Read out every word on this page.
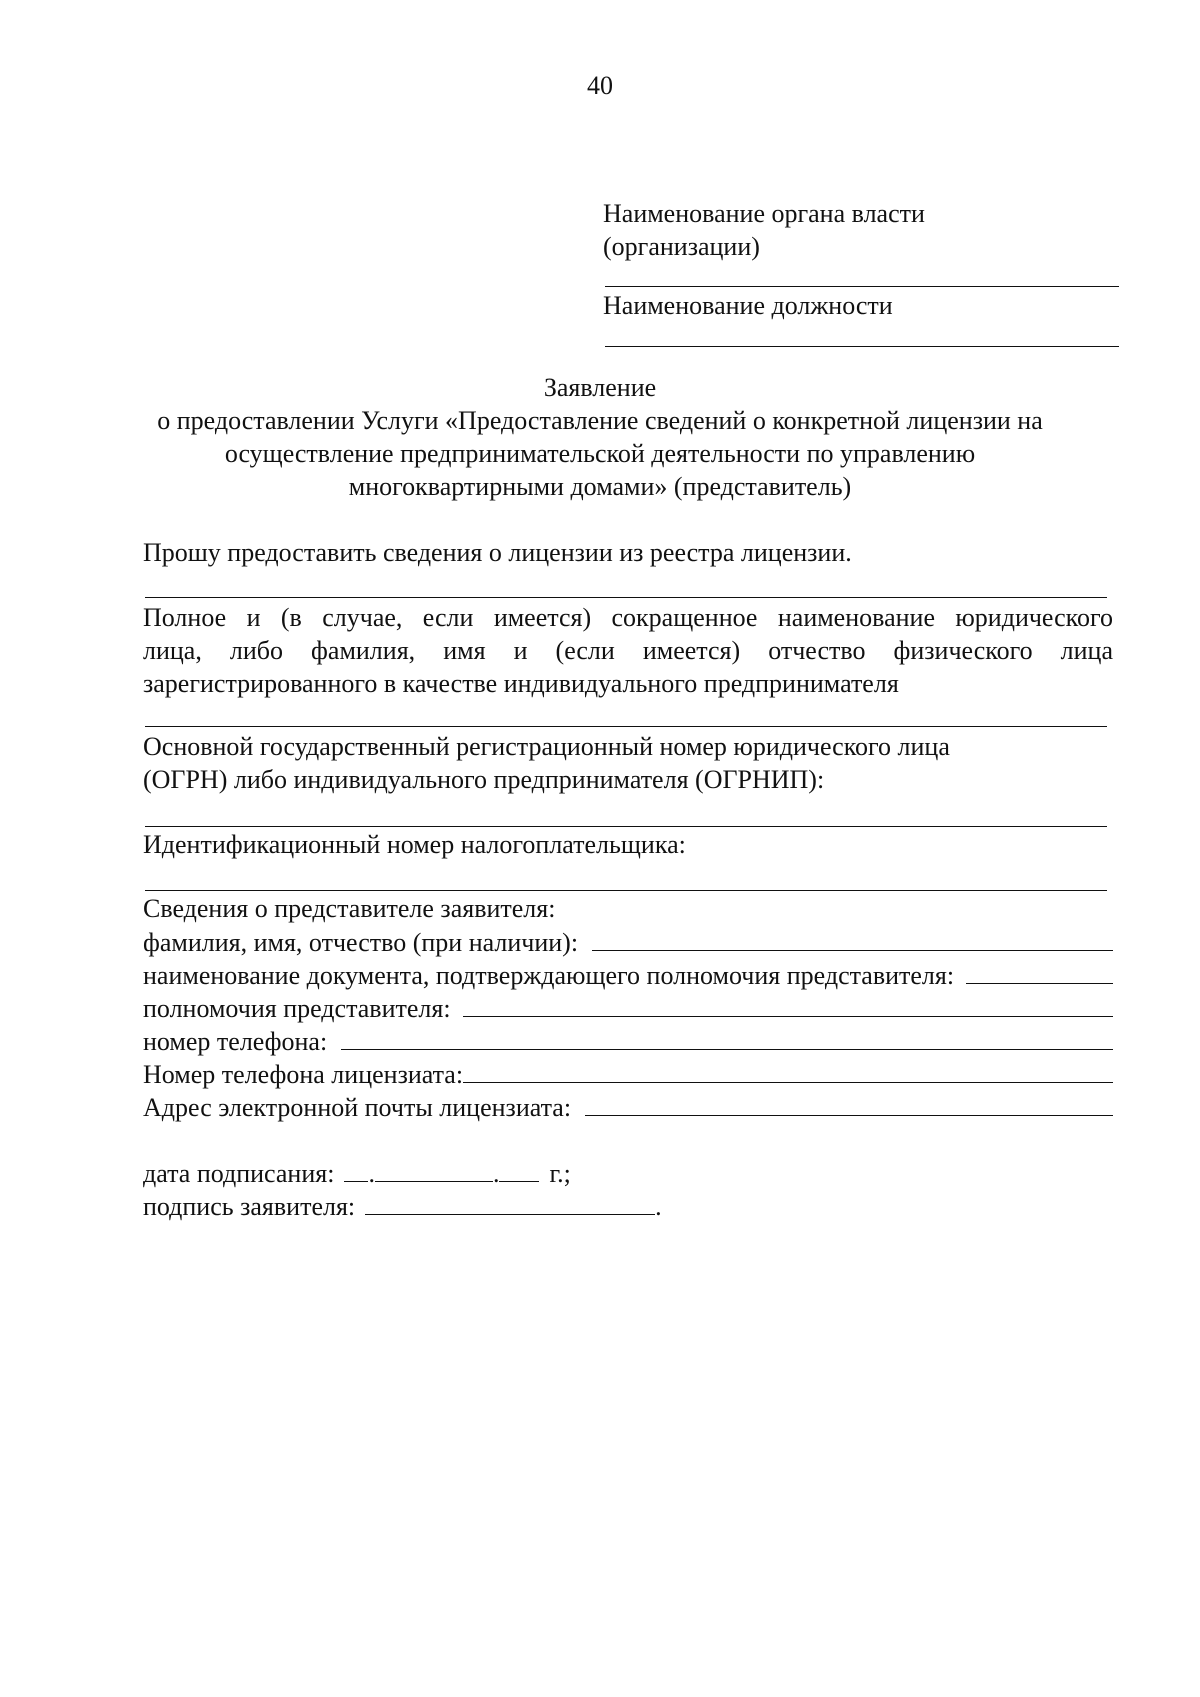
40
Наименование органа власти
(организации)
Наименование должности
Заявление
о предоставлении Услуги «Предоставление сведений о конкретной лицензии на
осуществление предпринимательской деятельности по управлению
многоквартирными домами» (представитель)
Прошу предоставить сведения о лицензии из реестра лицензии.
Полное и (в случае, если имеется) сокращенное наименование юридического
лица, либо фамилия, имя и (если имеется) отчество физического лица
зарегистрированного в качестве индивидуального предпринимателя
Основной государственный регистрационный номер юридического лица
(ОГРН) либо индивидуального предпринимателя (ОГРНИП):
Идентификационный номер налогоплательщика:
Сведения о представителе заявителя:
фамилия, имя, отчество (при наличии):
наименование документа, подтверждающего полномочия представителя:
полномочия представителя:
номер телефона:
Номер телефона лицензиата:
Адрес электронной почты лицензиата:
дата подписания: .	. г.;
подпись заявителя:	.
